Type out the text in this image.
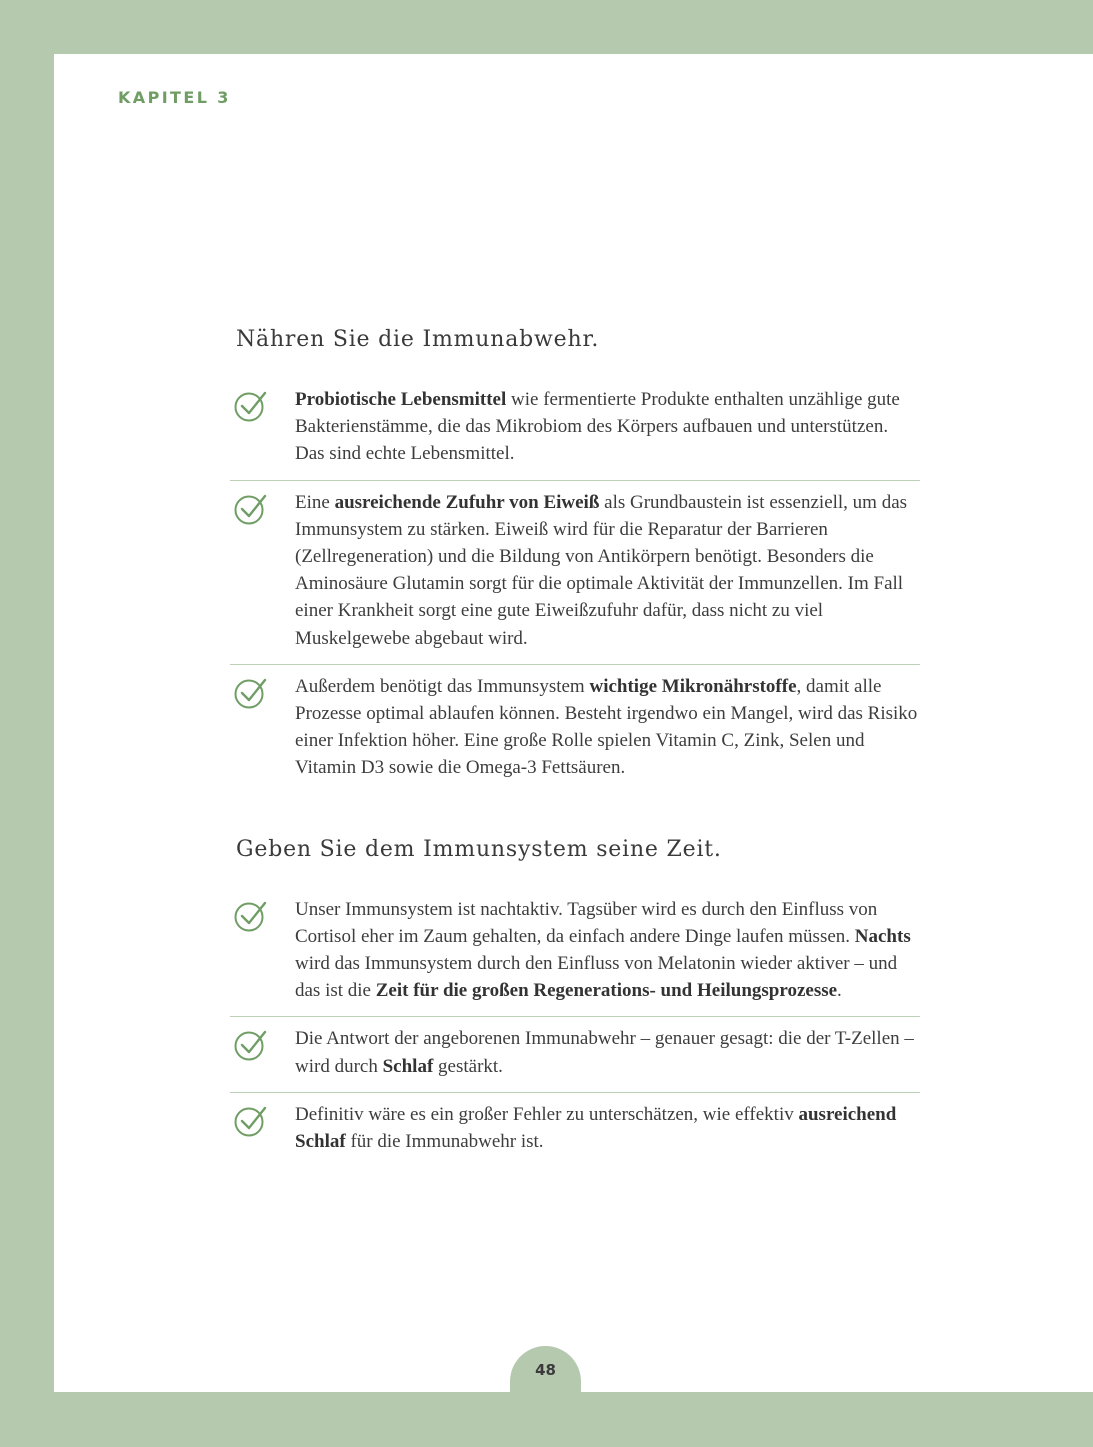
KAPITEL 3
Nähren Sie die Immunabwehr.

Probiotische Lebensmittel wie fermentierte Produkte enthalten unzählige gute Bakterienstämme, die das Mikrobiom des Körpers aufbauen und unterstützen. Das sind echte Lebensmittel.

Eine ausreichende Zufuhr von Eiweiß als Grundbaustein ist essenziell, um das Immunsystem zu stärken. Eiweiß wird für die Reparatur der Barrieren (Zellregeneration) und die Bildung von Antikörpern benötigt. Besonders die Aminosäure Glutamin sorgt für die optimale Aktivität der Immunzellen. Im Fall einer Krankheit sorgt eine gute Eiweißzufuhr dafür, dass nicht zu viel Muskelgewebe abgebaut wird.

Außerdem benötigt das Immunsystem wichtige Mikronährstoffe, damit alle Prozesse optimal ablaufen können. Besteht irgendwo ein Mangel, wird das Risiko einer Infektion höher. Eine große Rolle spielen Vitamin C, Zink, Selen und Vitamin D3 sowie die Omega-3 Fettsäuren.

Geben Sie dem Immunsystem seine Zeit.

Unser Immunsystem ist nachtaktiv. Tagsüber wird es durch den Einfluss von Cortisol eher im Zaum gehalten, da einfach andere Dinge laufen müssen. Nachts wird das Immunsystem durch den Einfluss von Melatonin wieder aktiver – und das ist die Zeit für die großen Regenerations- und Heilungsprozesse.

Die Antwort der angeborenen Immunabwehr – genauer gesagt: die der T-Zellen – wird durch Schlaf gestärkt.

Definitiv wäre es ein großer Fehler zu unterschätzen, wie effektiv ausreichend Schlaf für die Immunabwehr ist.

48
